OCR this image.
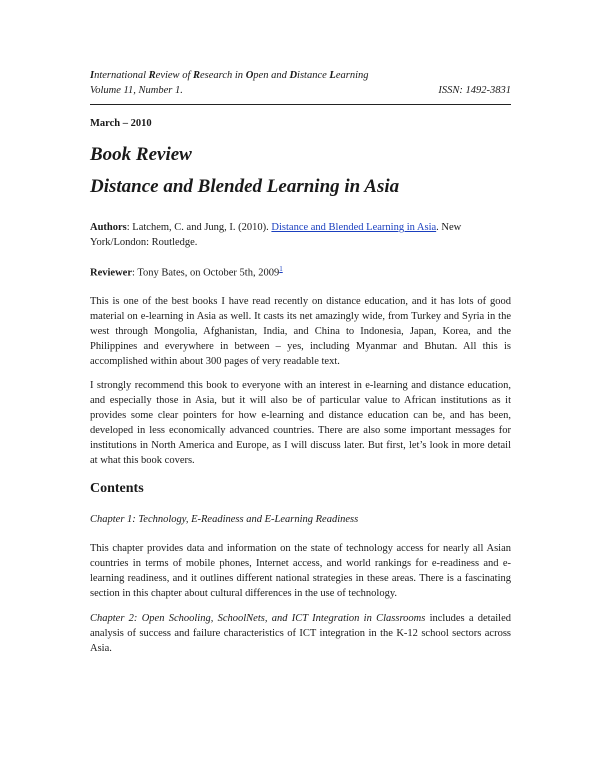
International Review of Research in Open and Distance Learning
Volume 11, Number 1.	ISSN: 1492-3831
March – 2010
Book Review
Distance and Blended Learning in Asia

Authors: Latchem, C. and Jung, I. (2010). Distance and Blended Learning in Asia. New York/London: Routledge.

Reviewer: Tony Bates, on October 5th, 2009$^1$

This is one of the best books I have read recently on distance education, and it has lots of good material on e-learning in Asia as well. It casts its net amazingly wide, from Turkey and Syria in the west through Mongolia, Afghanistan, India, and China to Indonesia, Japan, Korea, and the Philippines and everywhere in between – yes, including Myanmar and Bhutan. All this is accomplished within about 300 pages of very readable text.

I strongly recommend this book to everyone with an interest in e-learning and distance education, and especially those in Asia, but it will also be of particular value to African institutions as it provides some clear pointers for how e-learning and distance education can be, and has been, developed in less economically advanced countries. There are also some important messages for institutions in North America and Europe, as I will discuss later. But first, let’s look in more detail at what this book covers.

Contents

Chapter 1: Technology, E-Readiness and E-Learning Readiness

This chapter provides data and information on the state of technology access for nearly all Asian countries in terms of mobile phones, Internet access, and world rankings for e-readiness and e-learning readiness, and it outlines different national strategies in these areas. There is a fascinating section in this chapter about cultural differences in the use of technology.

Chapter 2: Open Schooling, SchoolNets, and ICT Integration in Classrooms includes a detailed analysis of success and failure characteristics of ICT integration in the K-12 school sectors across Asia.
